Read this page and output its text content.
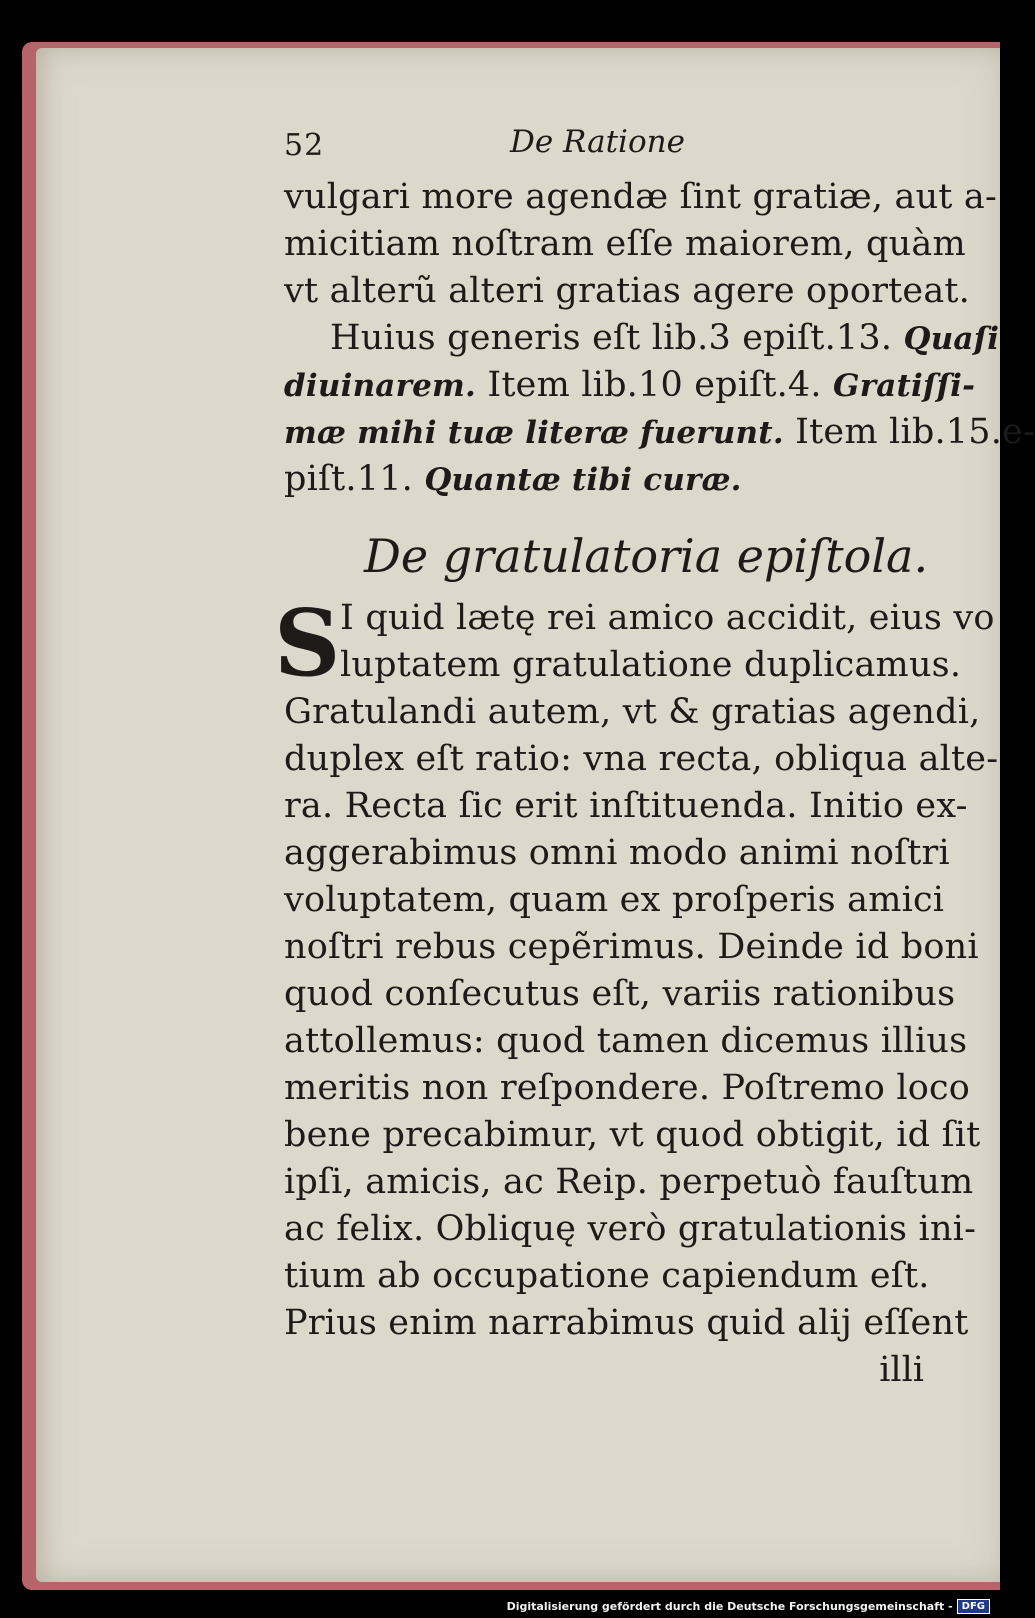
52	De Ratione
vulgari more agendæ ſint gratiæ, aut a-
micitiam noſtram eſſe maiorem, quàm
vt alterũ alteri gratias agere oporteat.
Huius generis eſt lib.3 epiſt.13. Quaſi
diuinarem. Item lib.10 epiſt.4. Gratiſſi-
mæ mihi tuæ literæ fuerunt. Item lib.15.e-
piſt.11. Quantæ tibi curæ.
De gratulatoria epiſtola.
S I quid lætę rei amico accidit, eius vo
luptatem gratulatione duplicamus.
Gratulandi autem, vt & gratias agendi,
duplex eſt ratio: vna recta, obliqua alte-
ra. Recta ſic erit inſtituenda. Initio ex-
aggerabimus omni modo animi noſtri
voluptatem, quam ex proſperis amici
noſtri rebus cepẽrimus. Deinde id boni
quod conſecutus eſt, variis rationibus
attollemus: quod tamen dicemus illius
meritis non reſpondere. Poſtremo loco
bene precabimur, vt quod obtigit, id ſit
ipſi, amicis, ac Reip. perpetuò fauſtum
ac felix. Obliquę verò gratulationis ini-
tium ab occupatione capiendum eſt.
Prius enim narrabimus quid alij eſſent
illi
Digitalisierung gefördert durch die Deutsche Forschungsgemeinschaft - DFG
